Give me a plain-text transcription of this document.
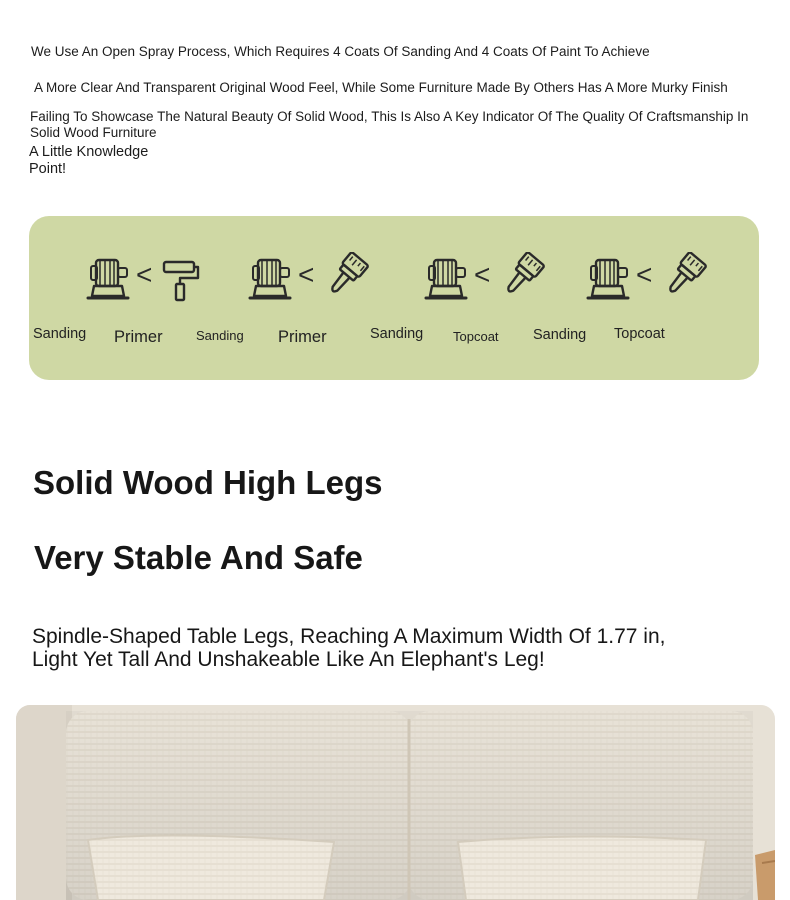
We Use An Open Spray Process, Which Requires 4 Coats Of Sanding And 4 Coats Of Paint To Achieve

A More Clear And Transparent Original Wood Feel, While Some Furniture Made By Others Has A More Murky Finish

Failing To Showcase The Natural Beauty Of Solid Wood, This Is Also A Key Indicator Of The Quality Of Craftsmanship In Solid Wood Furniture

A Little Knowledge
Point!
<
Sanding Primer
<
Sanding Primer
<
Sanding Topcoat
<
Sanding Topcoat
Solid Wood High Legs
Very Stable And Safe

Spindle-Shaped Table Legs, Reaching A Maximum Width Of 1.77 in, Light Yet Tall And Unshakeable Like An Elephant's Leg!
